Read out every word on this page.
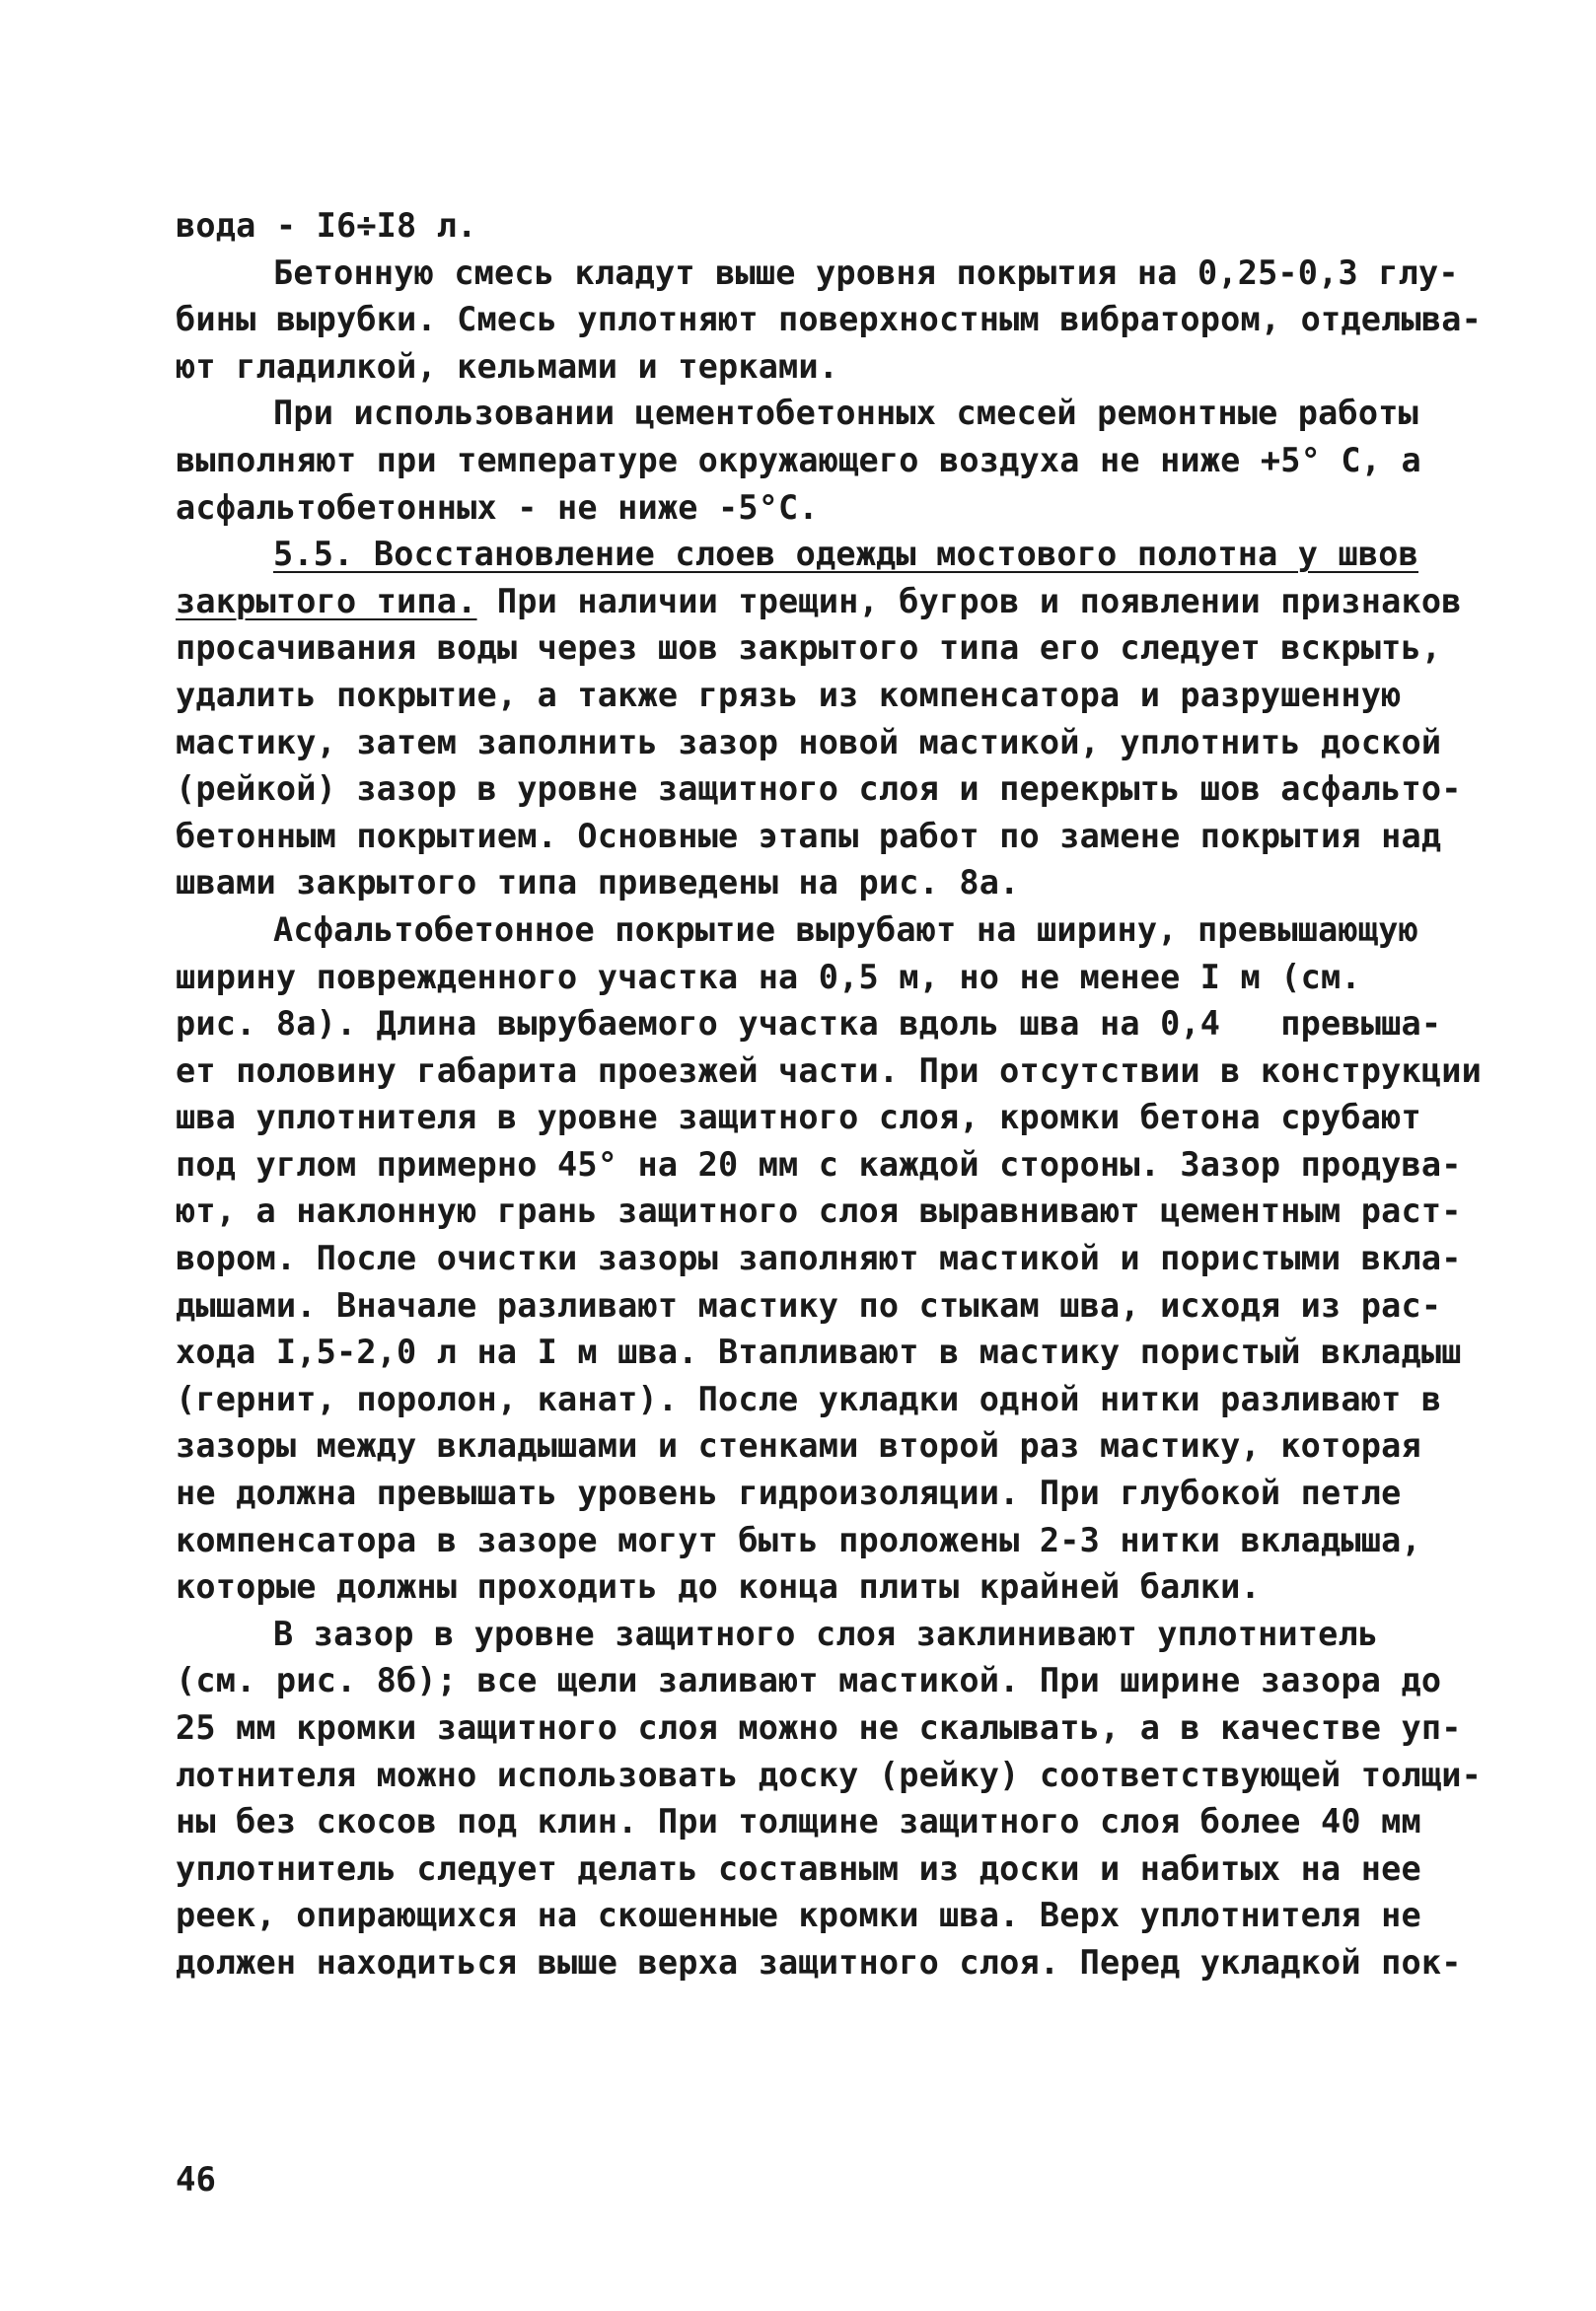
вода - I6÷I8 л.
Бетонную смесь кладут выше уровня покрытия на 0,25-0,3 глу-
бины вырубки. Смесь уплотняют поверхностным вибратором, отделыва-
ют гладилкой, кельмами и терками.
При использовании цементобетонных смесей ремонтные работы
выполняют при температуре окружающего воздуха не ниже +5° С, а
асфальтобетонных - не ниже -5°С.
5.5. Восстановление слоев одежды мостового полотна у швов
закрытого типа. При наличии трещин, бугров и появлении признаков
просачивания воды через шов закрытого типа его следует вскрыть,
удалить покрытие, а также грязь из компенсатора и разрушенную
мастику, затем заполнить зазор новой мастикой, уплотнить доской
(рейкой) зазор в уровне защитного слоя и перекрыть шов асфальто-
бетонным покрытием. Основные этапы работ по замене покрытия над
швами закрытого типа приведены на рис. 8а.
Асфальтобетонное покрытие вырубают на ширину, превышающую
ширину поврежденного участка на 0,5 м, но не менее I м (см.
рис. 8а). Длина вырубаемого участка вдоль шва на 0,4   превыша-
ет половину габарита проезжей части. При отсутствии в конструкции
шва уплотнителя в уровне защитного слоя, кромки бетона срубают
под углом примерно 45° на 20 мм с каждой стороны. Зазор продува-
ют, а наклонную грань защитного слоя выравнивают цементным раст-
вором. После очистки зазоры заполняют мастикой и пористыми вкла-
дышами. Вначале разливают мастику по стыкам шва, исходя из рас-
хода I,5-2,0 л на I м шва. Втапливают в мастику пористый вкладыш
(гернит, поролон, канат). После укладки одной нитки разливают в
зазоры между вкладышами и стенками второй раз мастику, которая
не должна превышать уровень гидроизоляции. При глубокой петле
компенсатора в зазоре могут быть проложены 2-3 нитки вкладыша,
которые должны проходить до конца плиты крайней балки.
В зазор в уровне защитного слоя заклинивают уплотнитель
(см. рис. 8б); все щели заливают мастикой. При ширине зазора до
25 мм кромки защитного слоя можно не скалывать, а в качестве уп-
лотнителя можно использовать доску (рейку) соответствующей толщи-
ны без скосов под клин. При толщине защитного слоя более 40 мм
уплотнитель следует делать составным из доски и набитых на нее
реек, опирающихся на скошенные кромки шва. Верх уплотнителя не
должен находиться выше верха защитного слоя. Перед укладкой пок-
46
